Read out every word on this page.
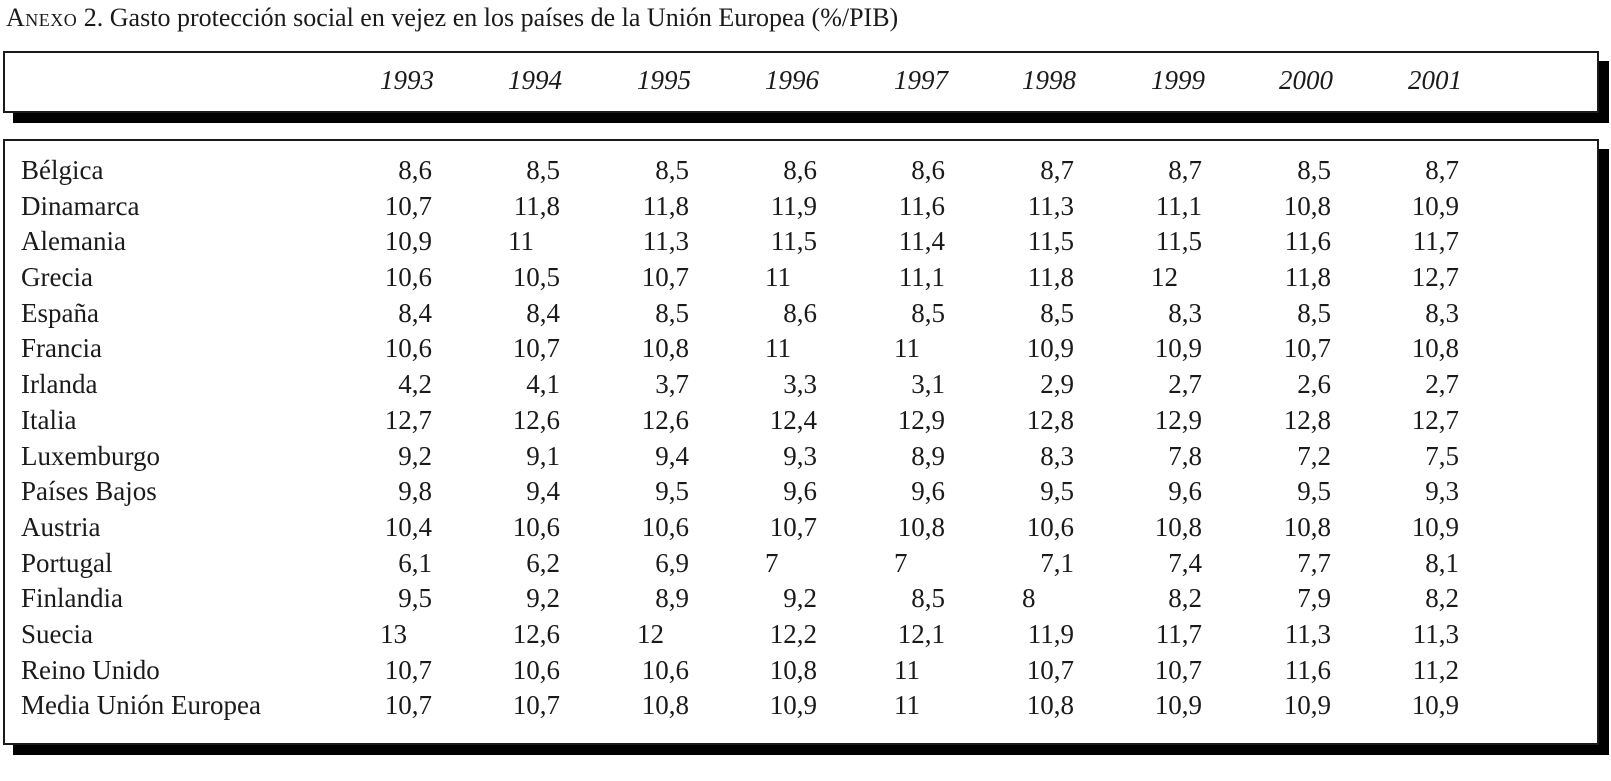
Anexo 2. Gasto protección social en vejez en los países de la Unión Europea (%/PIB)
1993	1994	1995	1996	1997	1998	1999	2000	2001
Bélgica	8,6	8,5	8,5	8,6	8,6	8,7	8,7	8,5	8,7
Dinamarca	10,7	11,8	11,8	11,9	11,6	11,3	11,1	10,8	10,9
Alemania	10,9	11	11,3	11,5	11,4	11,5	11,5	11,6	11,7
Grecia	10,6	10,5	10,7	11	11,1	11,8	12	11,8	12,7
España	8,4	8,4	8,5	8,6	8,5	8,5	8,3	8,5	8,3
Francia	10,6	10,7	10,8	11	11	10,9	10,9	10,7	10,8
Irlanda	4,2	4,1	3,7	3,3	3,1	2,9	2,7	2,6	2,7
Italia	12,7	12,6	12,6	12,4	12,9	12,8	12,9	12,8	12,7
Luxemburgo	9,2	9,1	9,4	9,3	8,9	8,3	7,8	7,2	7,5
Países Bajos	9,8	9,4	9,5	9,6	9,6	9,5	9,6	9,5	9,3
Austria	10,4	10,6	10,6	10,7	10,8	10,6	10,8	10,8	10,9
Portugal	6,1	6,2	6,9	7	7	7,1	7,4	7,7	8,1
Finlandia	9,5	9,2	8,9	9,2	8,5	8	8,2	7,9	8,2
Suecia	13	12,6	12	12,2	12,1	11,9	11,7	11,3	11,3
Reino Unido	10,7	10,6	10,6	10,8	11	10,7	10,7	11,6	11,2
Media Unión Europea	10,7	10,7	10,8	10,9	11	10,8	10,9	10,9	10,9
